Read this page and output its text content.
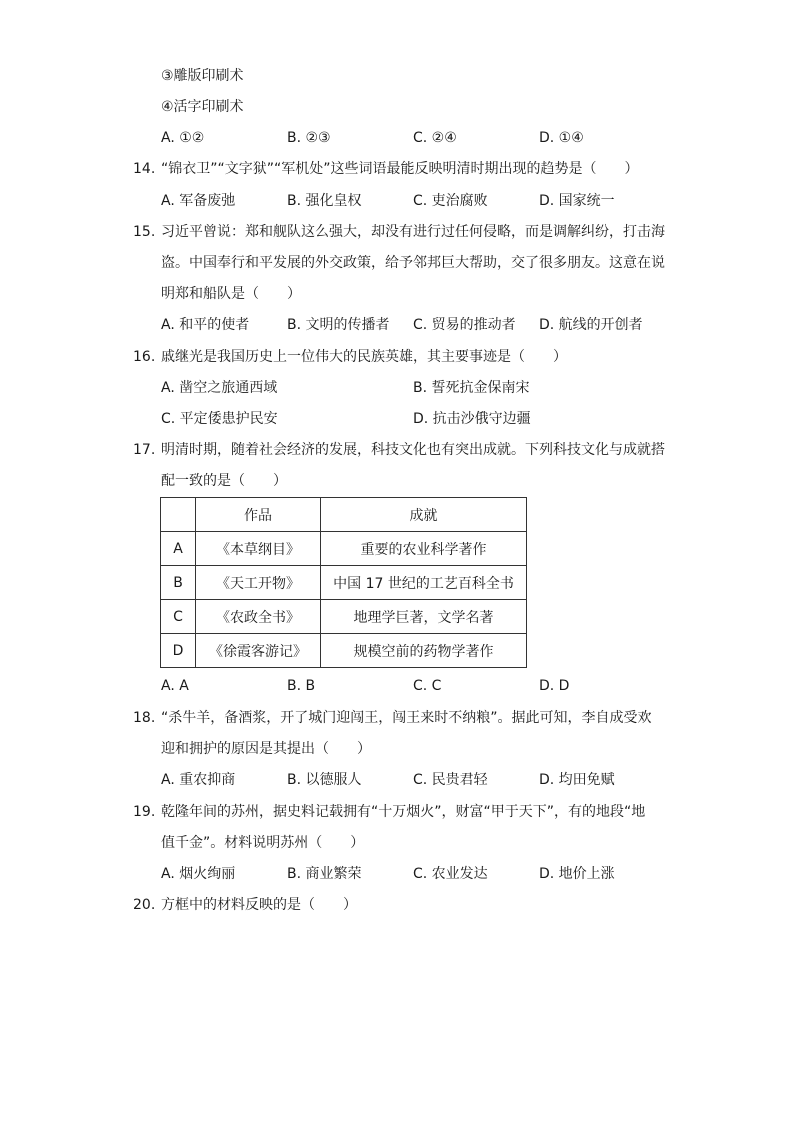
③雕版印刷术
④活字印刷术
A. ①②	B. ②③	C. ②④	D. ①④
14. “锦衣卫”“文字狱”“军机处”这些词语最能反映明清时期出现的趋势是（　　）
A. 军备废弛	B. 强化皇权	C. 吏治腐败	D. 国家统一
15. 习近平曾说：郑和舰队这么强大，却没有进行过任何侵略，而是调解纠纷，打击海
盗。中国奉行和平发展的外交政策，给予邻邦巨大帮助，交了很多朋友。这意在说
明郑和船队是（　　）
A. 和平的使者	B. 文明的传播者 C. 贸易的推动者 D. 航线的开创者
16. 戚继光是我国历史上一位伟大的民族英雄，其主要事迹是（　　）
A. 凿空之旅通西域	B. 誓死抗金保南宋
C. 平定倭患护民安	D. 抗击沙俄守边疆
17. 明清时期，随着社会经济的发展，科技文化也有突出成就。下列科技文化与成就搭
配一致的是（　　）
	作品	成就
A	《本草纲目》	重要的农业科学著作
B	《天工开物》	中国 17 世纪的工艺百科全书
C	《农政全书》	地理学巨著，文学名著
D	《徐霞客游记》	规模空前的药物学著作
A. A	B. B	C. C	D. D
18. “杀牛羊，备酒浆，开了城门迎闯王，闯王来时不纳粮”。据此可知，李自成受欢
迎和拥护的原因是其提出（　　）
A. 重农抑商	B. 以德服人	C. 民贵君轻	D. 均田免赋
19. 乾隆年间的苏州，据史料记载拥有“十万烟火”，财富“甲于天下”，有的地段“地
值千金”。材料说明苏州（　　）
A. 烟火绚丽	B. 商业繁荣	C. 农业发达	D. 地价上涨
20. 方框中的材料反映的是（　　）
